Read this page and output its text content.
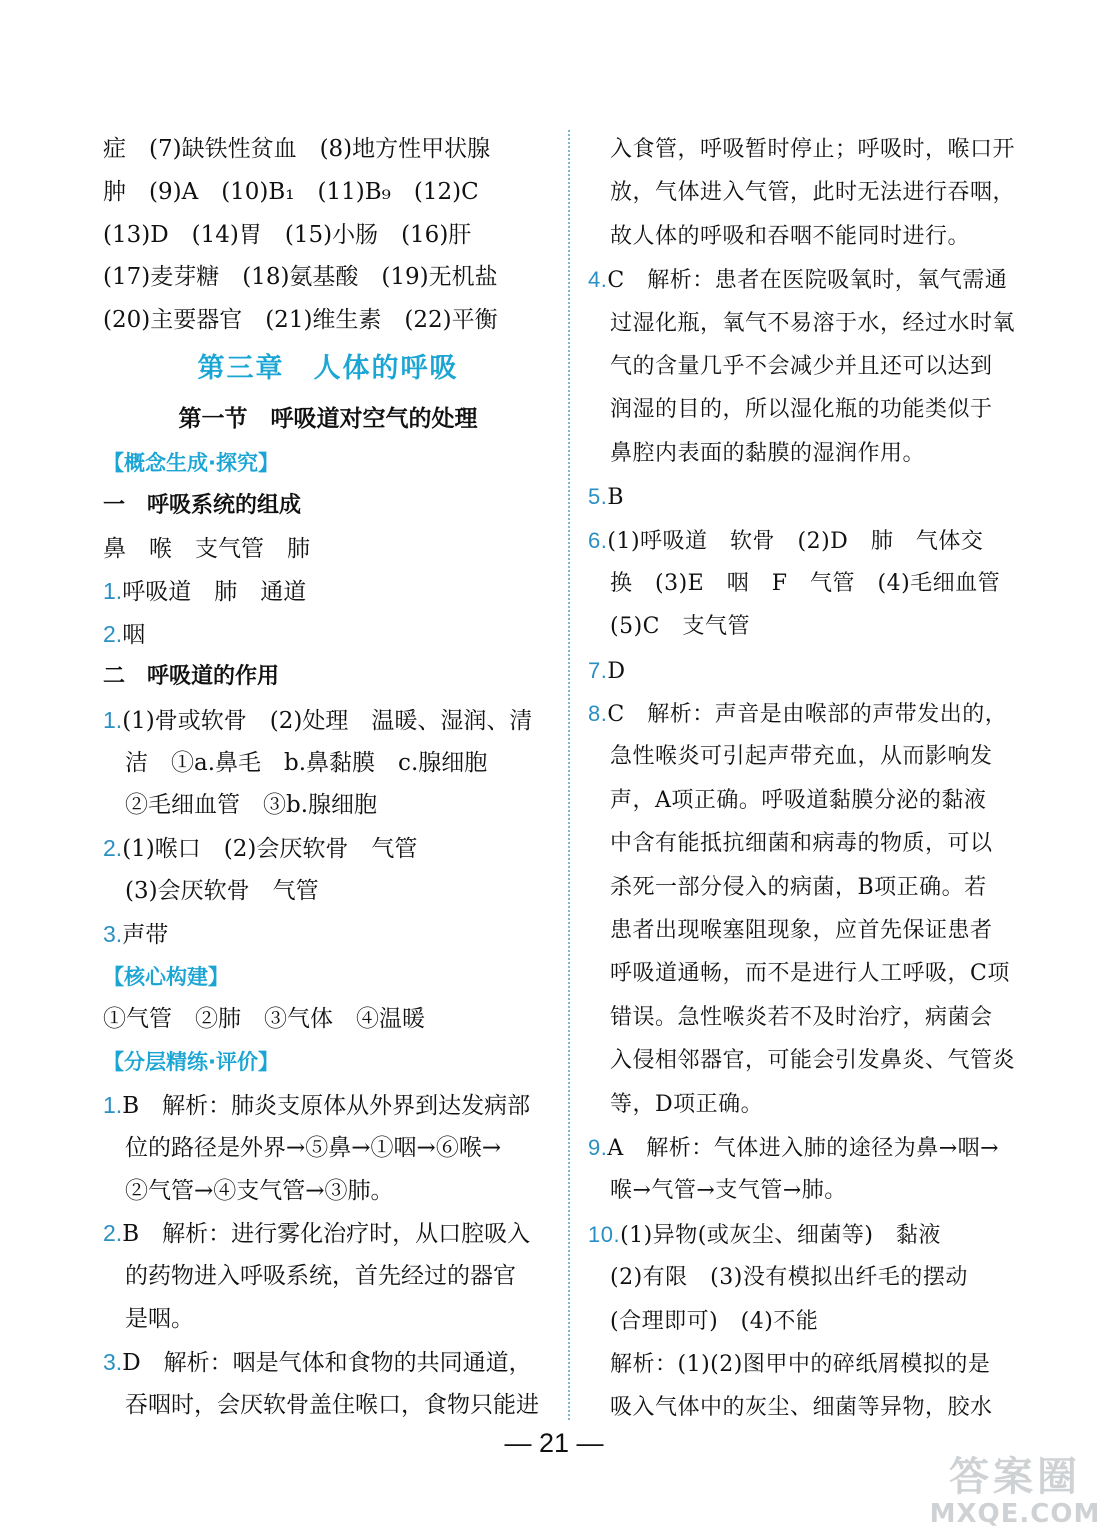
症　(7)缺铁性贫血　(8)地方性甲状腺
肿　(9)A　(10)B₁　(11)B₉　(12)C
(13)D　(14)胃　(15)小肠　(16)肝
(17)麦芽糖　(18)氨基酸　(19)无机盐
(20)主要器官　(21)维生素　(22)平衡
第三章　人体的呼吸
第一节　呼吸道对空气的处理
【概念生成·探究】
一　呼吸系统的组成
鼻　喉　支气管　肺
1.呼吸道　肺　通道
2.咽
二　呼吸道的作用
1.(1)骨或软骨　(2)处理　温暖、湿润、清
洁　①a.鼻毛　b.鼻黏膜　c.腺细胞
②毛细血管　③b.腺细胞
2.(1)喉口　(2)会厌软骨　气管
(3)会厌软骨　气管
3.声带
【核心构建】
①气管　②肺　③气体　④温暖
【分层精练·评价】
1.B　解析：肺炎支原体从外界到达发病部
位的路径是外界→⑤鼻→①咽→⑥喉→
②气管→④支气管→③肺。
2.B　解析：进行雾化治疗时，从口腔吸入
的药物进入呼吸系统，首先经过的器官
是咽。
3.D　解析：咽是气体和食物的共同通道，
吞咽时，会厌软骨盖住喉口，食物只能进
入食管，呼吸暂时停止；呼吸时，喉口开
放，气体进入气管，此时无法进行吞咽，
故人体的呼吸和吞咽不能同时进行。
4.C　解析：患者在医院吸氧时，氧气需通
过湿化瓶，氧气不易溶于水，经过水时氧
气的含量几乎不会减少并且还可以达到
润湿的目的，所以湿化瓶的功能类似于
鼻腔内表面的黏膜的湿润作用。
5.B
6.(1)呼吸道　软骨　(2)D　肺　气体交
换　(3)E　咽　F　气管　(4)毛细血管
(5)C　支气管
7.D
8.C　解析：声音是由喉部的声带发出的，
急性喉炎可引起声带充血，从而影响发
声，A项正确。呼吸道黏膜分泌的黏液
中含有能抵抗细菌和病毒的物质，可以
杀死一部分侵入的病菌，B项正确。若
患者出现喉塞阻现象，应首先保证患者
呼吸道通畅，而不是进行人工呼吸，C项
错误。急性喉炎若不及时治疗，病菌会
入侵相邻器官，可能会引发鼻炎、气管炎
等，D项正确。
9.A　解析：气体进入肺的途径为鼻→咽→
喉→气管→支气管→肺。
10.(1)异物(或灰尘、细菌等)　黏液
(2)有限　(3)没有模拟出纤毛的摆动
(合理即可)　(4)不能
解析：(1)(2)图甲中的碎纸屑模拟的是
吸入气体中的灰尘、细菌等异物，胶水
— 21 —
答案圈
MXQE.COM
